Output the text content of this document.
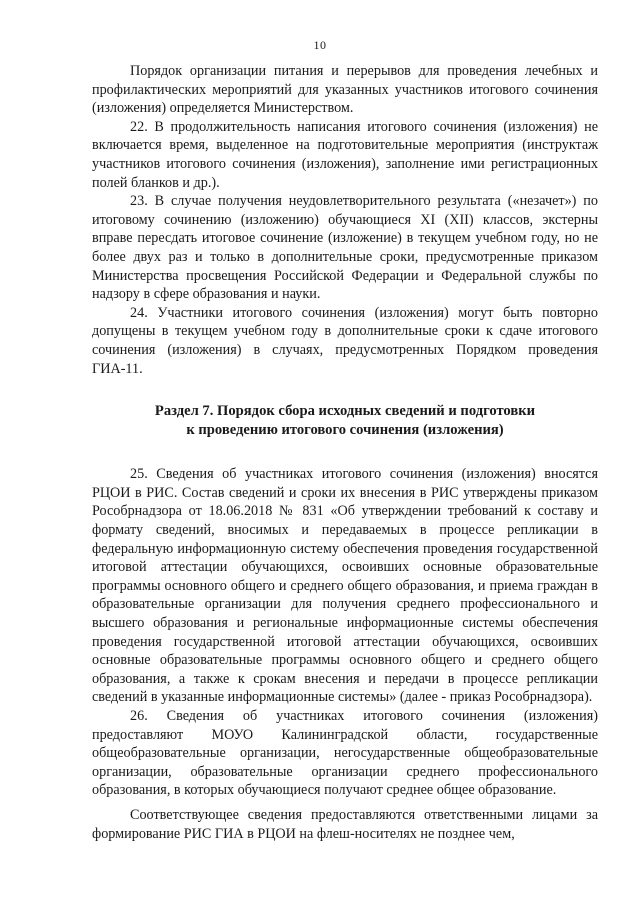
10

Порядок организации питания и перерывов для проведения лечебных и профилактических мероприятий для указанных участников итогового сочинения (изложения) определяется Министерством.

22. В продолжительность написания итогового сочинения (изложения) не включается время, выделенное на подготовительные мероприятия (инструктаж участников итогового сочинения (изложения), заполнение ими регистрационных полей бланков и др.).

23. В случае получения неудовлетворительного результата («незачет») по итоговому сочинению (изложению) обучающиеся XI (XII) классов, экстерны вправе пересдать итоговое сочинение (изложение) в текущем учебном году, но не более двух раз и только в дополнительные сроки, предусмотренные приказом Министерства просвещения Российской Федерации и Федеральной службы по надзору в сфере образования и науки.

24. Участники итогового сочинения (изложения) могут быть повторно допущены в текущем учебном году в дополнительные сроки к сдаче итогового сочинения (изложения) в случаях, предусмотренных Порядком проведения ГИА-11.

Раздел 7. Порядок сбора исходных сведений и подготовки
к проведению итогового сочинения (изложения)

25. Сведения об участниках итогового сочинения (изложения) вносятся РЦОИ в РИС. Состав сведений и сроки их внесения в РИС утверждены приказом Рособрнадзора от 18.06.2018 № 831 «Об утверждении требований к составу и формату сведений, вносимых и передаваемых в процессе репликации в федеральную информационную систему обеспечения проведения государственной итоговой аттестации обучающихся, освоивших основные образовательные программы основного общего и среднего общего образования, и приема граждан в образовательные организации для получения среднего профессионального и высшего образования и региональные информационные системы обеспечения проведения государственной итоговой аттестации обучающихся, освоивших основные образовательные программы основного общего и среднего общего образования, а также к срокам внесения и передачи в процессе репликации сведений в указанные информационные системы» (далее - приказ Рособрнадзора).

26. Сведения об участниках итогового сочинения (изложения) предоставляют МОУО Калининградской области, государственные общеобразовательные организации, негосударственные общеобразовательные организации, образовательные организации среднего профессионального образования, в которых обучающиеся получают среднее общее образование.

Соответствующее сведения предоставляются ответственными лицами за формирование РИС ГИА в РЦОИ на флеш-носителях не позднее чем,
